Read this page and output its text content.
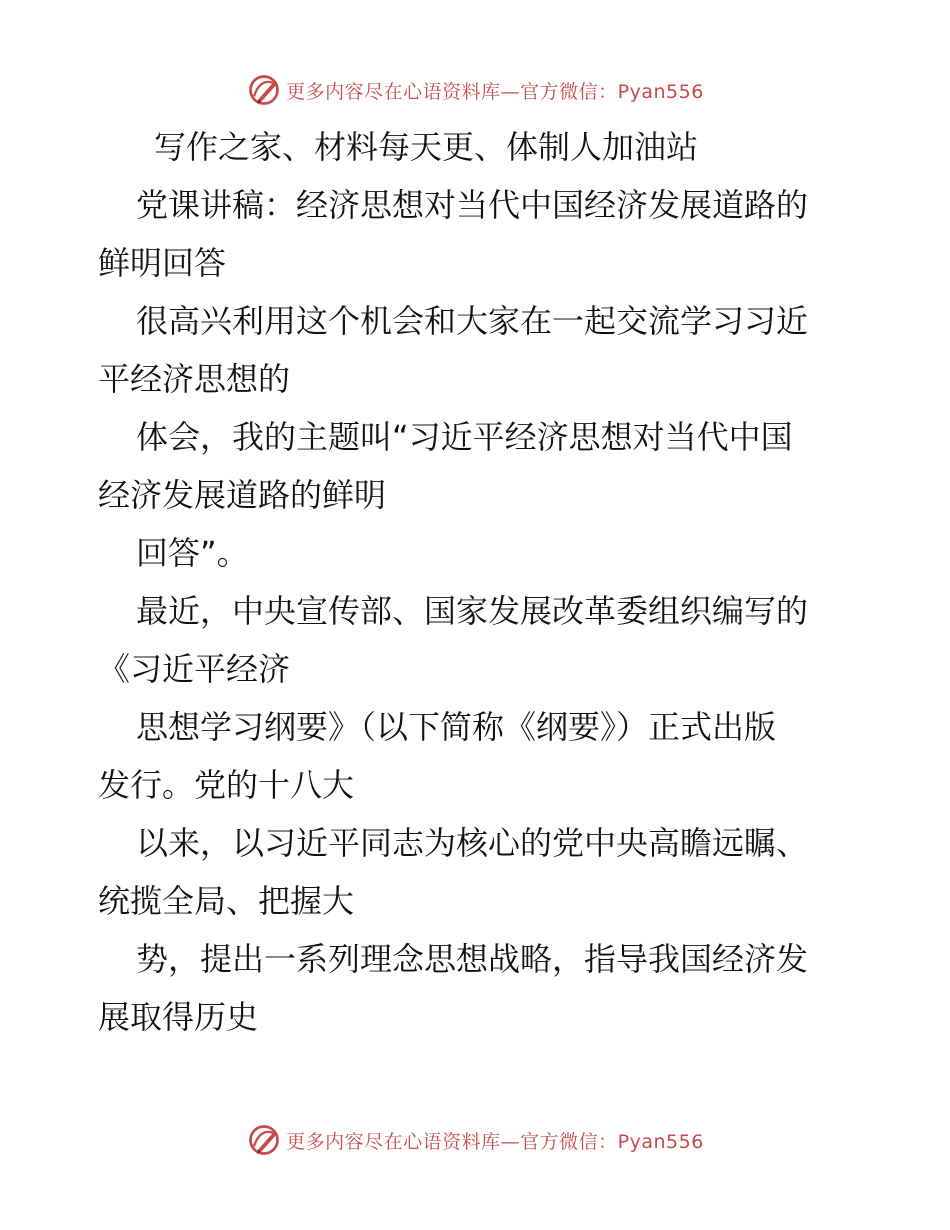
更多内容尽在心语资料库—官方微信：Pyan556

写作之家、材料每天更、体制人加油站

党课讲稿：经济思想对当代中国经济发展道路的

鲜明回答

很高兴利用这个机会和大家在一起交流学习习近

平经济思想的

体会，我的主题叫“习近平经济思想对当代中国

经济发展道路的鲜明

回答”。

最近，中央宣传部、国家发展改革委组织编写的

《习近平经济

思想学习纲要》（以下简称《纲要》）正式出版

发行。党的十八大

以来，以习近平同志为核心的党中央高瞻远瞩、

统揽全局、把握大

势，提出一系列理念思想战略，指导我国经济发

展取得历史

更多内容尽在心语资料库—官方微信：Pyan556
